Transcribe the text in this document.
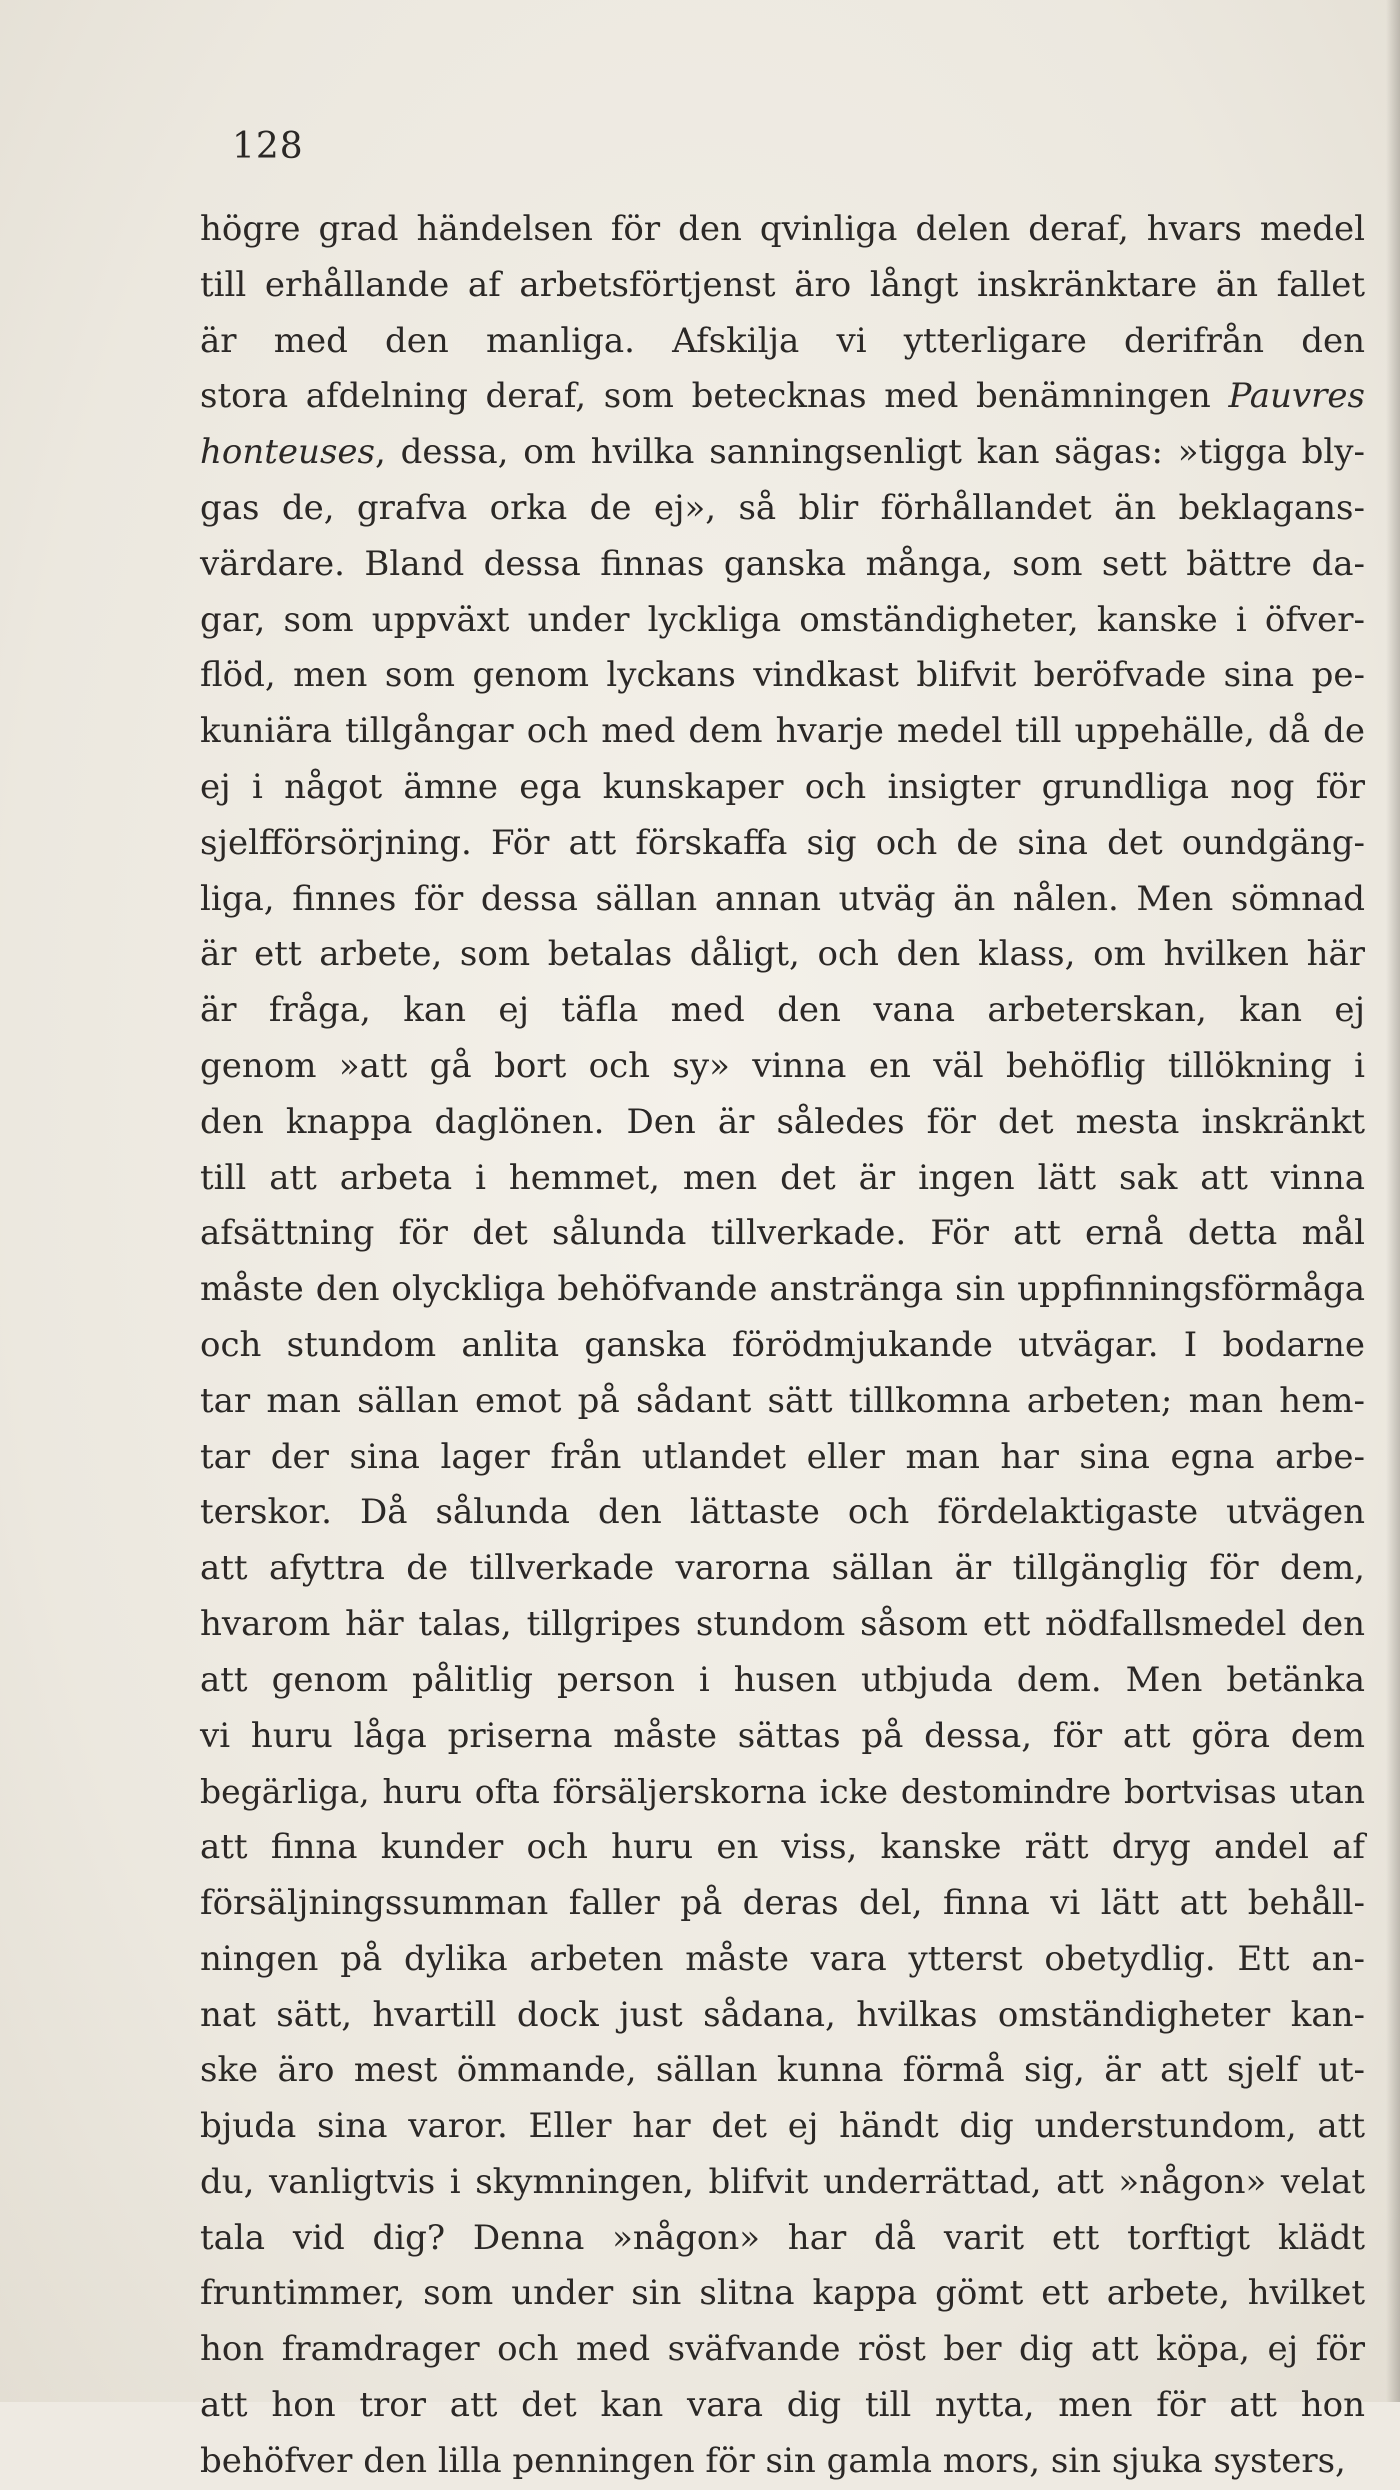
128
högre grad händelsen för den qvinliga delen deraf, hvars medel
till erhållande af arbetsförtjenst äro långt inskränktare än fallet
är med den manliga. Afskilja vi ytterligare derifrån den
stora afdelning deraf, som betecknas med benämningen Pauvres
honteuses, dessa, om hvilka sanningsenligt kan sägas: »tigga bly-
gas de, grafva orka de ej», så blir förhållandet än beklagans-
värdare. Bland dessa finnas ganska många, som sett bättre da-
gar, som uppväxt under lyckliga omständigheter, kanske i öfver-
flöd, men som genom lyckans vindkast blifvit beröfvade sina pe-
kuniära tillgångar och med dem hvarje medel till uppehälle, då de
ej i något ämne ega kunskaper och insigter grundliga nog för
sjelfförsörjning. För att förskaffa sig och de sina det oundgäng-
liga, finnes för dessa sällan annan utväg än nålen. Men sömnad
är ett arbete, som betalas dåligt, och den klass, om hvilken här
är fråga, kan ej täfla med den vana arbeterskan, kan ej
genom »att gå bort och sy» vinna en väl behöflig tillökning i
den knappa daglönen. Den är således för det mesta inskränkt
till att arbeta i hemmet, men det är ingen lätt sak att vinna
afsättning för det sålunda tillverkade. För att ernå detta mål
måste den olyckliga behöfvande anstränga sin uppfinningsförmåga
och stundom anlita ganska förödmjukande utvägar. I bodarne
tar man sällan emot på sådant sätt tillkomna arbeten; man hem-
tar der sina lager från utlandet eller man har sina egna arbe-
terskor. Då sålunda den lättaste och fördelaktigaste utvägen
att afyttra de tillverkade varorna sällan är tillgänglig för dem,
hvarom här talas, tillgripes stundom såsom ett nödfallsmedel den
att genom pålitlig person i husen utbjuda dem. Men betänka
vi huru låga priserna måste sättas på dessa, för att göra dem
begärliga, huru ofta försäljerskorna icke destomindre bortvisas utan
att finna kunder och huru en viss, kanske rätt dryg andel af
försäljningssumman faller på deras del, finna vi lätt att behåll-
ningen på dylika arbeten måste vara ytterst obetydlig. Ett an-
nat sätt, hvartill dock just sådana, hvilkas omständigheter kan-
ske äro mest ömmande, sällan kunna förmå sig, är att sjelf ut-
bjuda sina varor. Eller har det ej händt dig understundom, att
du, vanligtvis i skymningen, blifvit underrättad, att »någon» velat
tala vid dig? Denna »någon» har då varit ett torftigt klädt
fruntimmer, som under sin slitna kappa gömt ett arbete, hvilket
hon framdrager och med sväfvande röst ber dig att köpa, ej för
att hon tror att det kan vara dig till nytta, men för att hon
behöfver den lilla penningen för sin gamla mors, sin sjuka systers,
